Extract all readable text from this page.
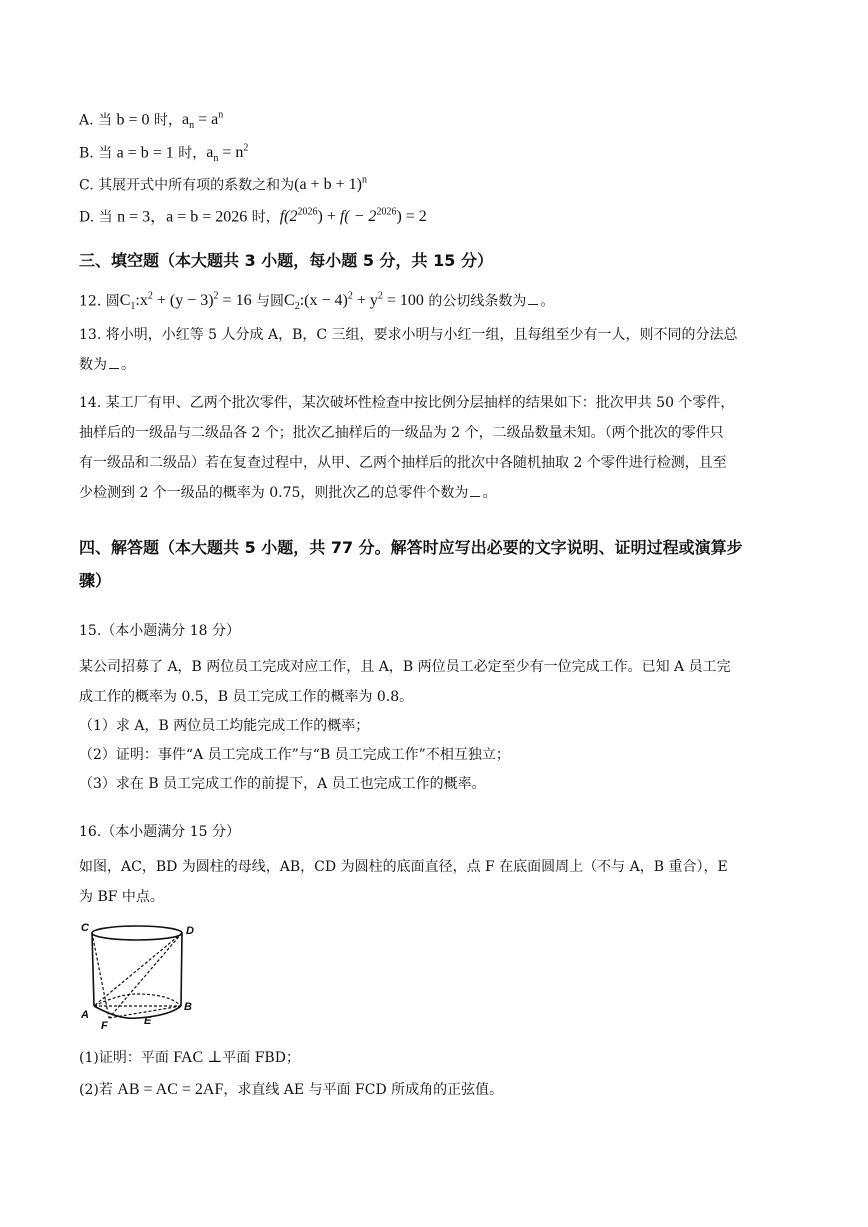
A. 当 b = 0 时，$a_n = a^n$
B. 当 a = b = 1 时，$a_n = n^2$
C. 其展开式中所有项的系数之和为$(a + b + 1)^n$
D. 当 n = 3，a = b = 2026 时，$f(2^{2026}) + f( - 2^{2026}) = 2$
三、填空题（本大题共 3 小题，每小题 5 分，共 15 分）
12. 圆$C_1:x^2 + (y - 3)^2 = 16$ 与圆$C_2:(x - 4)^2 + y^2 = 100$ 的公切线条数为 。
13. 将小明，小红等 5 人分成 A，B，C 三组，要求小明与小红一组，且每组至少有一人，则不同的分法总
数为 。
14. 某工厂有甲、乙两个批次零件，某次破坏性检查中按比例分层抽样的结果如下：批次甲共 50 个零件，
抽样后的一级品与二级品各 2 个；批次乙抽样后的一级品为 2 个，二级品数量未知。（两个批次的零件只
有一级品和二级品）若在复查过程中，从甲、乙两个抽样后的批次中各随机抽取 2 个零件进行检测，且至
少检测到 2 个一级品的概率为 0.75，则批次乙的总零件个数为 。
四、解答题（本大题共 5 小题，共 77 分。解答时应写出必要的文字说明、证明过程或演算步
骤）
15.（本小题满分 18 分）
某公司招募了 A，B 两位员工完成对应工作，且 A，B 两位员工必定至少有一位完成工作。已知 A 员工完
成工作的概率为 0.5，B 员工完成工作的概率为 0.8。
（1）求 A，B 两位员工均能完成工作的概率；
（2）证明：事件“A 员工完成工作”与“B 员工完成工作”不相互独立；
（3）求在 B 员工完成工作的前提下，A 员工也完成工作的概率。
16.（本小题满分 15 分）
如图，AC，BD 为圆柱的母线，AB，CD 为圆柱的底面直径，点 F 在底面圆周上（不与 A，B 重合），E
为 BF 中点。
C	D
A
B
F	E
(1)证明：平面 FAC ⊥平面 FBD；
(2)若 AB = AC = 2AF，求直线 AE 与平面 FCD 所成角的正弦值。
